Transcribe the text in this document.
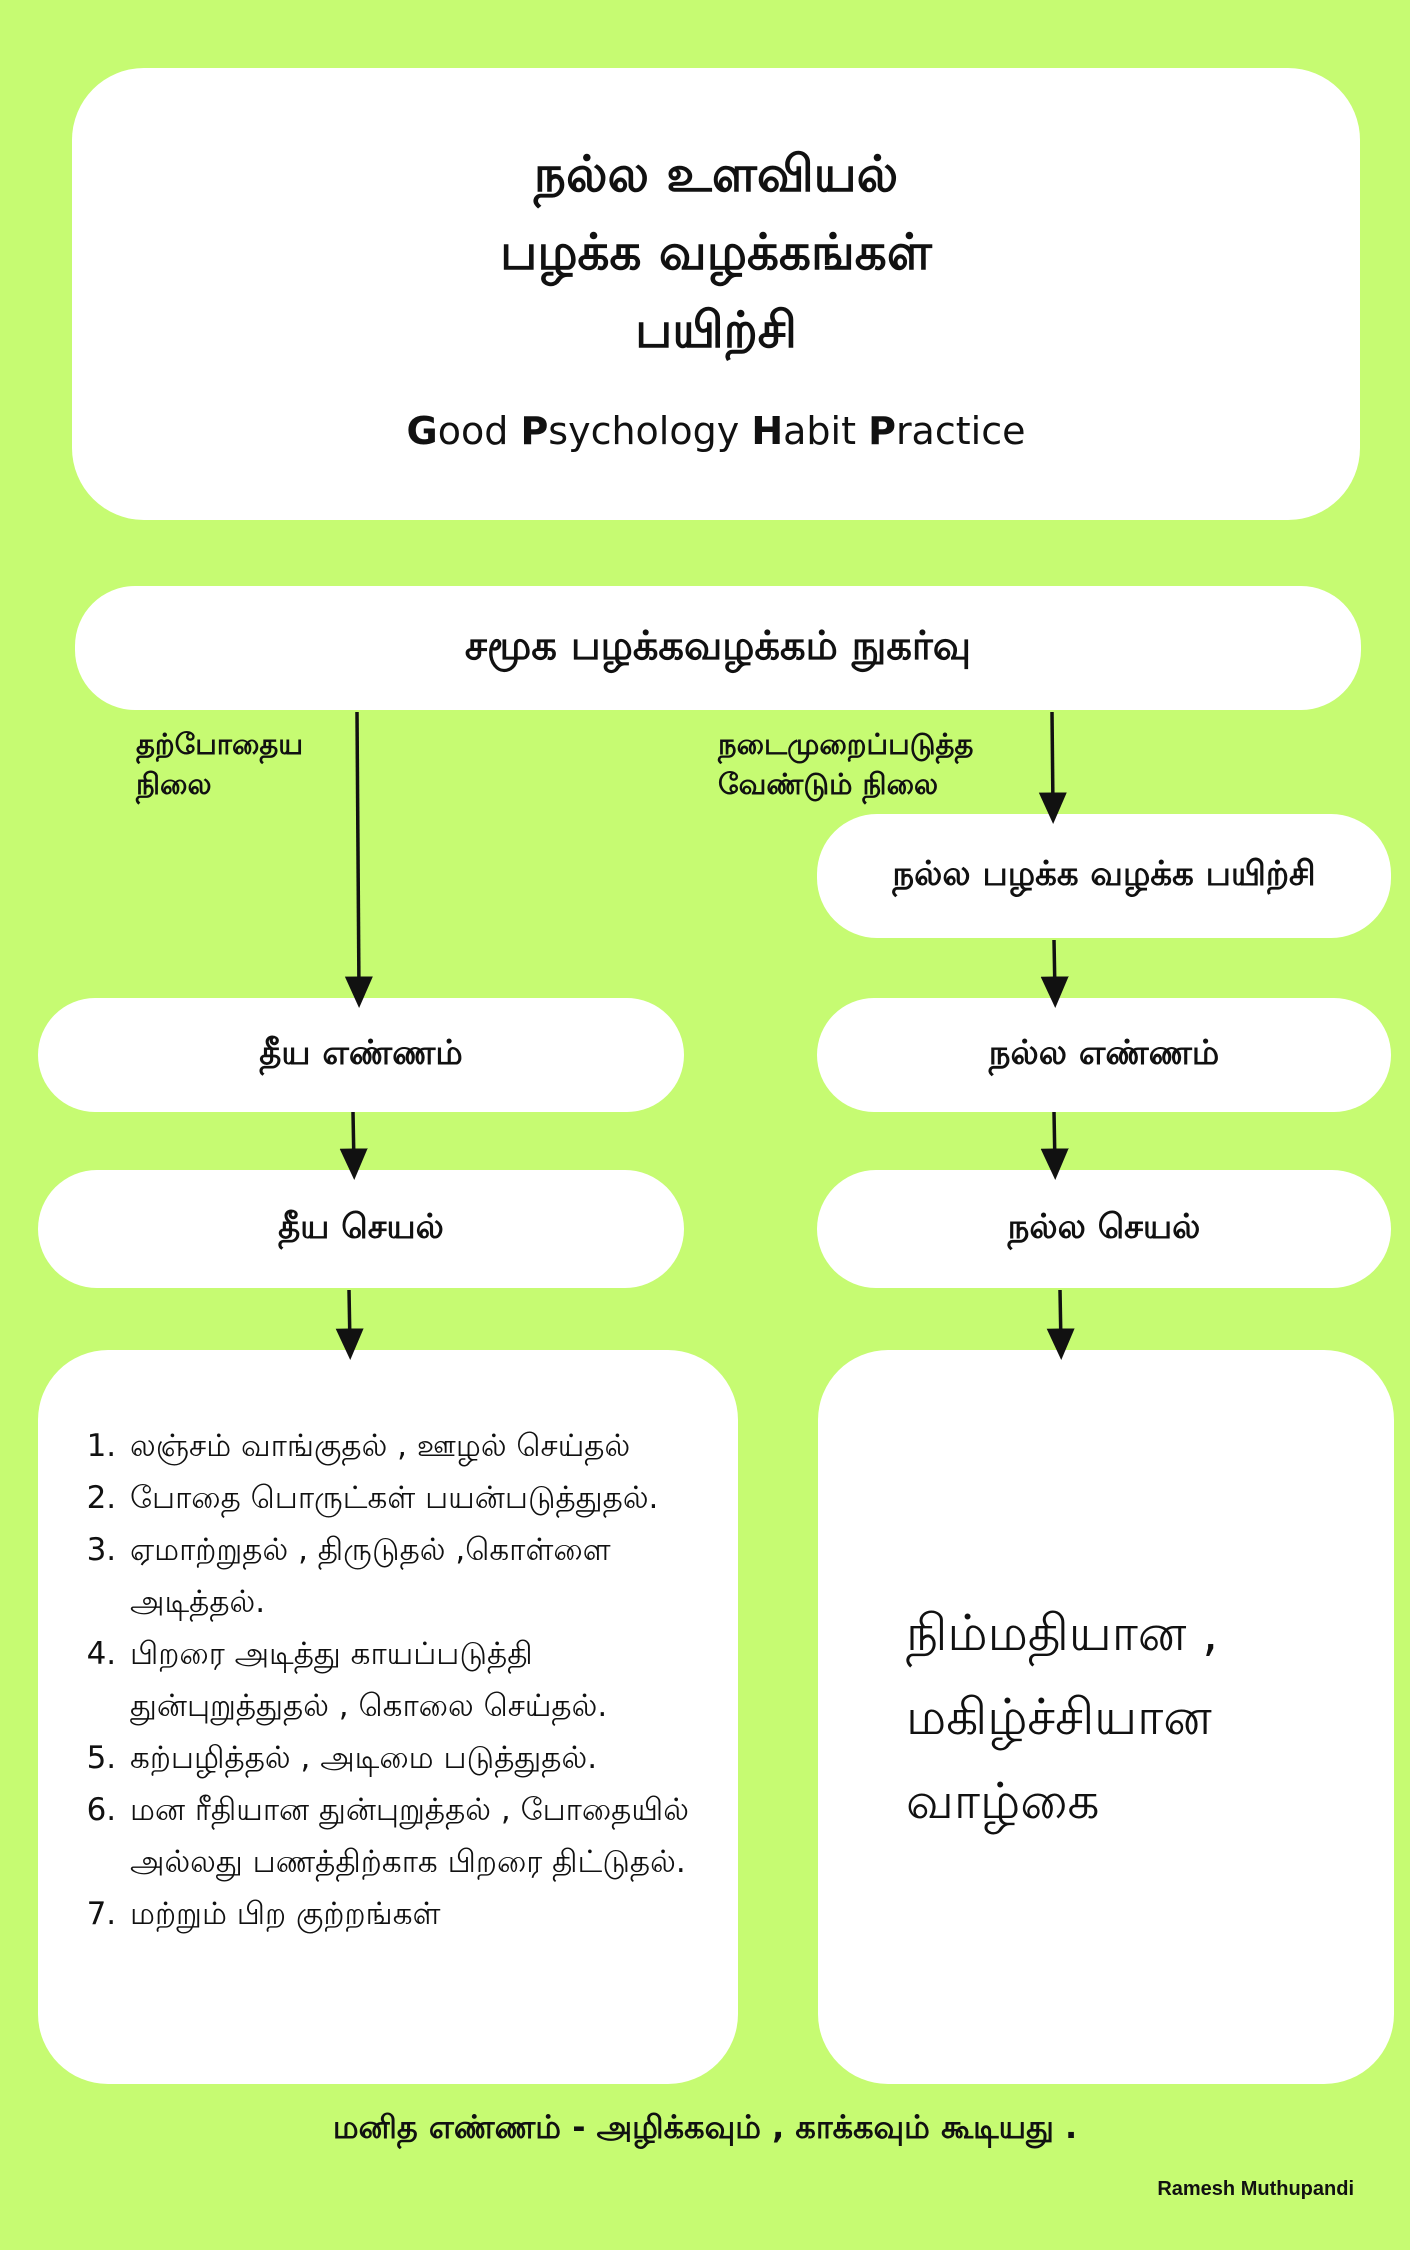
நல்ல உளவியல்
பழக்க வழக்கங்கள்
பயிற்சி
Good Psychology Habit Practice
சமூக பழக்கவழக்கம் நுகர்வு
தற்போதைய
நிலை
நடைமுறைப்படுத்த
வேண்டும் நிலை
நல்ல பழக்க வழக்க பயிற்சி
தீய எண்ணம்	நல்ல எண்ணம்
தீய செயல்	நல்ல செயல்
1. லஞ்சம் வாங்குதல் , ஊழல் செய்தல்
2. போதை பொருட்கள் பயன்படுத்துதல்.
3. ஏமாற்றுதல் , திருடுதல் ,கொள்ளை அடித்தல்.
4. பிறரை அடித்து காயப்படுத்தி துன்புறுத்துதல் , கொலை செய்தல்.
5. கற்பழித்தல் , அடிமை படுத்துதல்.
6. மன ரீதியான துன்புறுத்தல் , போதையில் அல்லது பணத்திற்காக பிறரை திட்டுதல்.
7. மற்றும் பிற குற்றங்கள்
நிம்மதியான ,
மகிழ்ச்சியான
வாழ்கை
மனித எண்ணம் - அழிக்கவும் , காக்கவும் கூடியது .
Ramesh Muthupandi
